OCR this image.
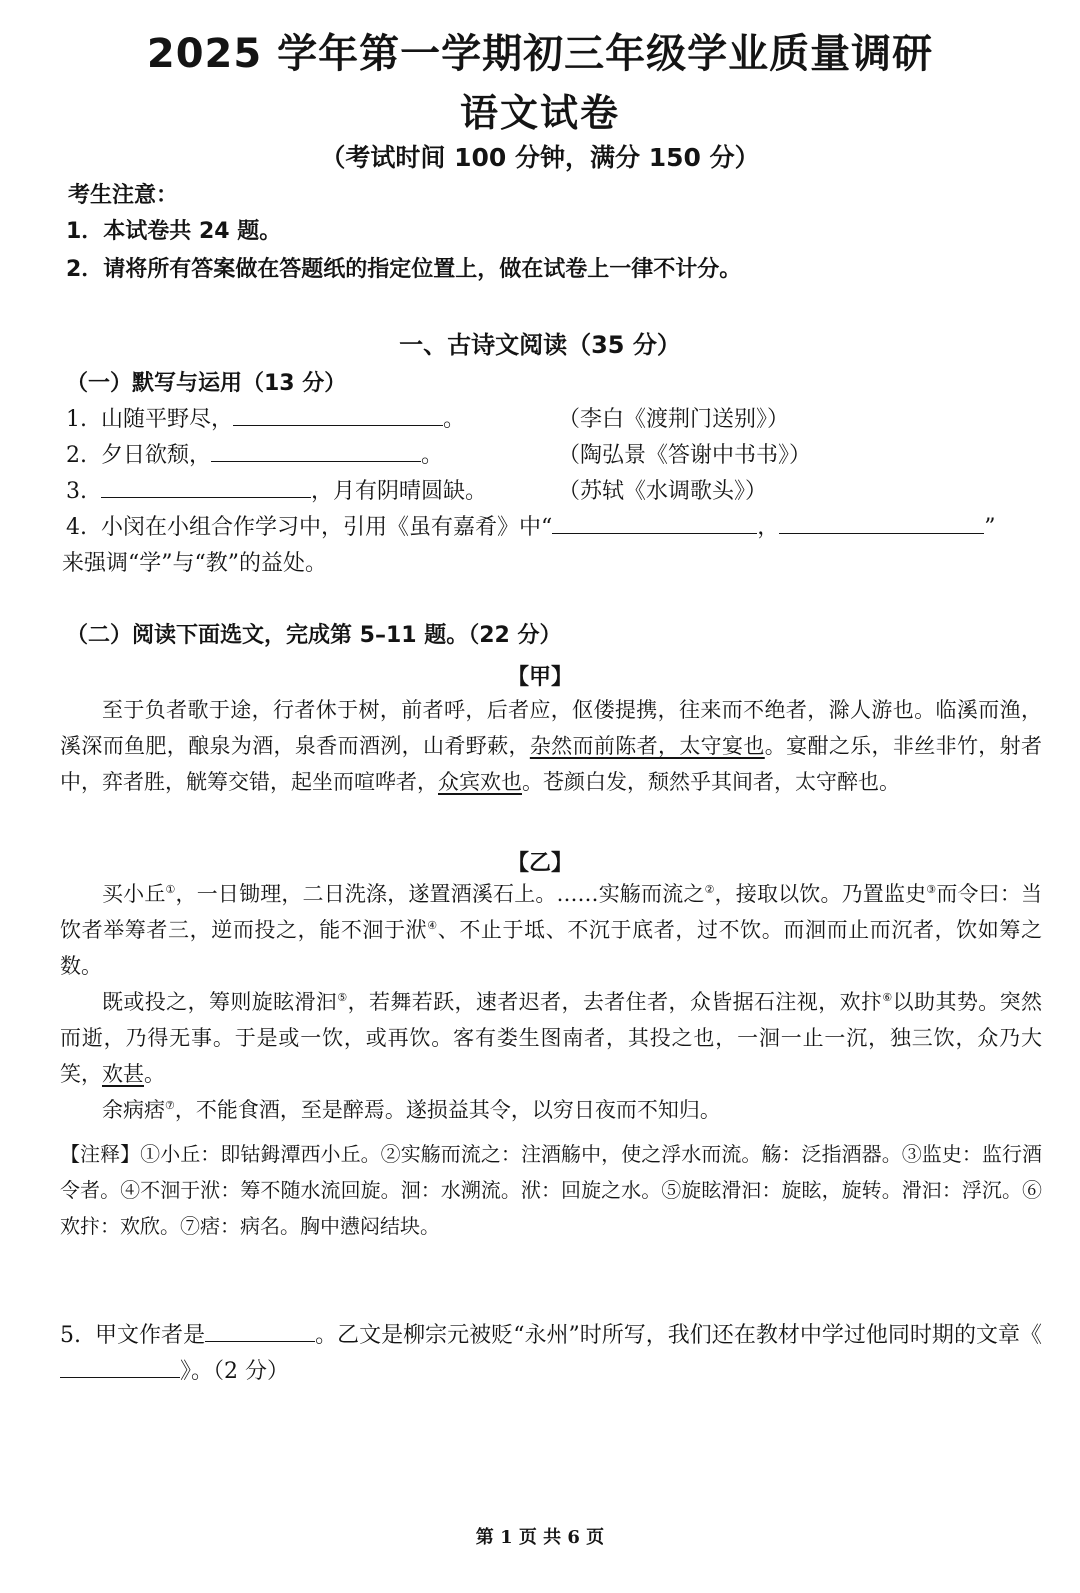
2025 学年第一学期初三年级学业质量调研
语文试卷
（考试时间 100 分钟，满分 150 分）
考生注意：
1．本试卷共 24 题。
2．请将所有答案做在答题纸的指定位置上，做在试卷上一律不计分。
一、古诗文阅读（35 分）
（一）默写与运用（13 分）
1. 山随平野尽，	。	（李白《渡荆门送别》）
2. 夕日欲颓，	。	（陶弘景《答谢中书书》）
3.	，月有阴晴圆缺。	（苏轼《水调歌头》）
4. 小闵在小组合作学习中，引用《虽有嘉肴》中“	，	”
来强调“学”与“教”的益处。
（二）阅读下面选文，完成第 5–11 题。（22 分）
【甲】

至于负者歌于途，行者休于树，前者呼，后者应，伛偻提携，往来而不绝者，滁人游也。临溪而渔，溪深而鱼肥，酿泉为酒，泉香而酒洌，山肴野蔌，杂然而前陈者，太守宴也。宴酣之乐，非丝非竹，射者中，弈者胜，觥筹交错，起坐而喧哗者，众宾欢也。苍颜白发，颓然乎其间者，太守醉也。

【乙】

买小丘①，一日锄理，二日洗涤，遂置酒溪石上。……实觞而流之②，接取以饮。乃置监史③而令曰：当饮者举筹者三，逆而投之，能不洄于洑④、不止于坻、不沉于底者，过不饮。而洄而止而沉者，饮如筹之数。

既或投之，筹则旋眩滑汩⑤，若舞若跃，速者迟者，去者住者，众皆据石注视，欢抃⑥以助其势。突然而逝，乃得无事。于是或一饮，或再饮。客有娄生图南者，其投之也，一洄一止一沉，独三饮，众乃大笑，欢甚。

余病痞⑦，不能食酒，至是醉焉。遂损益其令，以穷日夜而不知归。

【注释】①小丘：即钴鉧潭西小丘。②实觞而流之：注酒觞中，使之浮水而流。觞：泛指酒器。③监史：监行酒令者。④不洄于洑：筹不随水流回旋。洄：水溯流。洑：回旋之水。⑤旋眩滑汩：旋眩，旋转。滑汩：浮沉。⑥欢抃：欢欣。⑦痞：病名。胸中懑闷结块。
5. 甲文作者是	。乙文是柳宗元被贬“永州”时所写，我们还在教材中学过他同时期的文章《》。（2 分）
第 1 页 共 6 页
